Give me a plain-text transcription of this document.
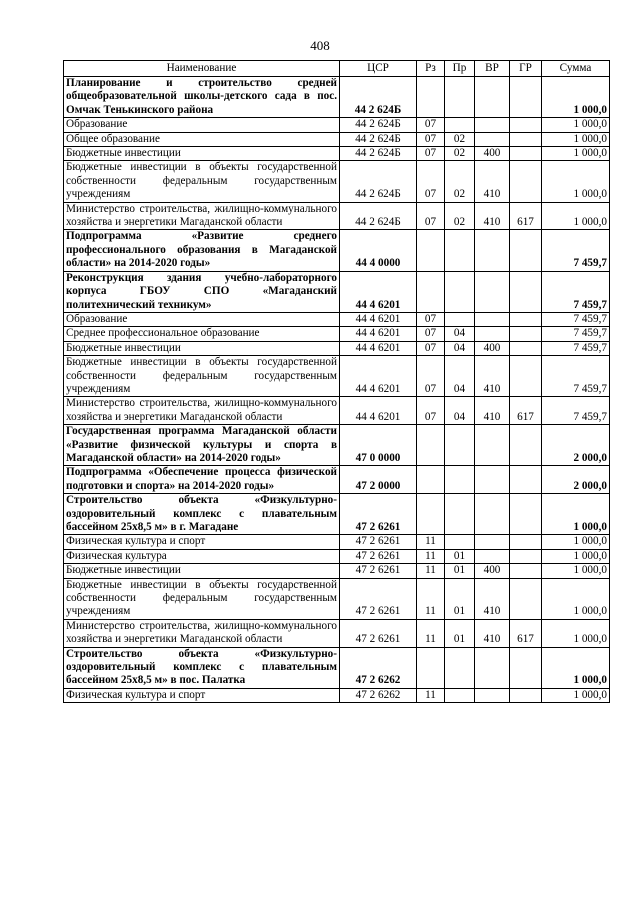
408
Наименование	ЦСР	Рз	Пр	ВР	ГР	Сумма
Планирование и строительство средней общеобразовательной школы-детского сада в пос. Омчак Тенькинского района	44 2 624Б					1 000,0
Образование	44 2 624Б	07				1 000,0
Общее образование	44 2 624Б	07	02			1 000,0
Бюджетные инвестиции	44 2 624Б	07	02	400		1 000,0
Бюджетные инвестиции в объекты государственной собственности федеральным государственным учреждениям	44 2 624Б	07	02	410		1 000,0
Министерство строительства, жилищно-коммунального хозяйства и энергетики Магаданской области	44 2 624Б	07	02	410	617	1 000,0
Подпрограмма «Развитие среднего профессионального образования в Магаданской области» на 2014-2020 годы»	44 4 0000					7 459,7
Реконструкция здания учебно-лабораторного корпуса ГБОУ СПО «Магаданский политехнический техникум»	44 4 6201					7 459,7
Образование	44 4 6201	07				7 459,7
Среднее профессиональное образование	44 4 6201	07	04			7 459,7
Бюджетные инвестиции	44 4 6201	07	04	400		7 459,7
Бюджетные инвестиции в объекты государственной собственности федеральным государственным учреждениям	44 4 6201	07	04	410		7 459,7
Министерство строительства, жилищно-коммунального хозяйства и энергетики Магаданской области	44 4 6201	07	04	410	617	7 459,7
Государственная программа Магаданской области «Развитие физической культуры и спорта в Магаданской области» на 2014-2020 годы»	47 0 0000					2 000,0
Подпрограмма «Обеспечение процесса физической подготовки и спорта» на 2014-2020 годы»	47 2 0000					2 000,0
Строительство объекта «Физкультурно-оздоровительный комплекс с плавательным бассейном 25х8,5 м» в г. Магадане	47 2 6261					1 000,0
Физическая культура и спорт	47 2 6261	11				1 000,0
Физическая культура	47 2 6261	11	01			1 000,0
Бюджетные инвестиции	47 2 6261	11	01	400		1 000,0
Бюджетные инвестиции в объекты государственной собственности федеральным государственным учреждениям	47 2 6261	11	01	410		1 000,0
Министерство строительства, жилищно-коммунального хозяйства и энергетики Магаданской области	47 2 6261	11	01	410	617	1 000,0
Строительство объекта «Физкультурно-оздоровительный комплекс с плавательным бассейном 25х8,5 м» в пос. Палатка	47 2 6262					1 000,0
Физическая культура и спорт	47 2 6262	11				1 000,0
